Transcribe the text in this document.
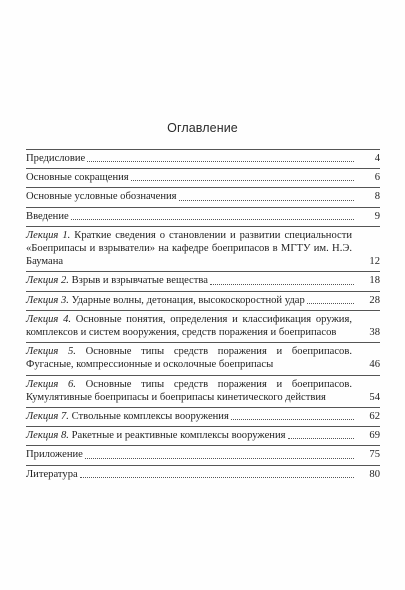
Оглавление
Предисловие	4
Основные сокращения	6
Основные условные обозначения	8
Введение	9
Лекция 1. Краткие сведения о становлении и развитии специальности «Боеприпасы и взрыватели» на кафедре боеприпасов в МГТУ им. Н.Э. Баумана	12
Лекция 2. Взрыв и взрывчатые вещества	18
Лекция 3. Ударные волны, детонация, высокоскоростной удар	28
Лекция 4. Основные понятия, определения и классификация оружия, комплексов и систем вооружения, средств поражения и боеприпасов	38
Лекция 5. Основные типы средств поражения и боеприпасов. Фугасные, компрессионные и осколочные боеприпасы	46
Лекция 6. Основные типы средств поражения и боеприпасов. Кумулятивные боеприпасы и боеприпасы кинетического действия	54
Лекция 7. Ствольные комплексы вооружения	62
Лекция 8. Ракетные и реактивные комплексы вооружения	69
Приложение	75
Литература	80
